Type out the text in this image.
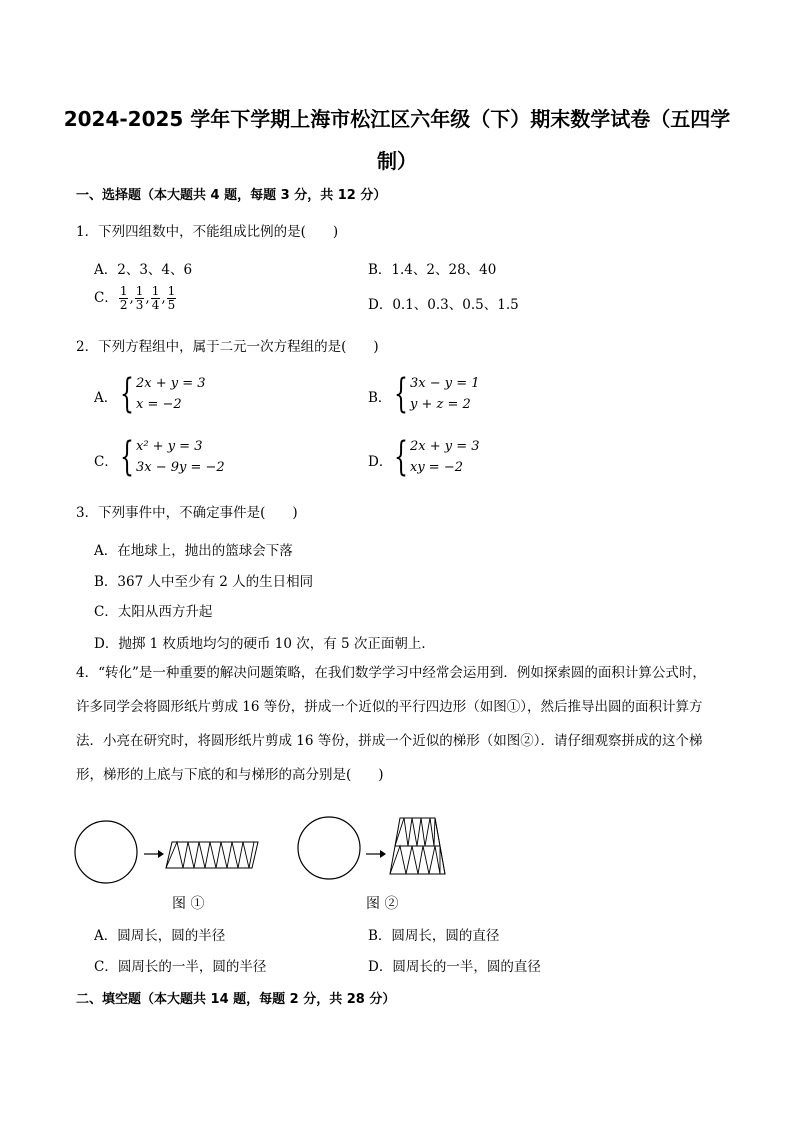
2024-2025 学年下学期上海市松江区六年级（下）期末数学试卷（五四学
制）
一、选择题（本大题共 4 题，每题 3 分，共 12 分）
1．下列四组数中，不能组成比例的是(　　)
A．2、3、4、6	B．1.4、2、28、40
C． $\frac{1}{2}$ , $\frac{1}{3}$ , $\frac{1}{4}$ , $\frac{1}{5}$	D．0.1、0.3、0.5、1.5
2．下列方程组中，属于二元一次方程组的是(　　)
A． { 2x + y = 3
x = −2	B． { 3x − y = 1
y + z = 2
C． { x² + y = 3
3x − 9y = −2	D． { 2x + y = 3
xy = −2
3．下列事件中，不确定事件是(　　)
A．在地球上，抛出的篮球会下落
B．367 人中至少有 2 人的生日相同
C．太阳从西方升起
D．抛掷 1 枚质地均匀的硬币 10 次，有 5 次正面朝上．
4．“转化”是一种重要的解决问题策略，在我们数学学习中经常会运用到．例如探索圆的面积计算公式时，
许多同学会将圆形纸片剪成 16 等份，拼成一个近似的平行四边形（如图①），然后推导出圆的面积计算方
法．小亮在研究时，将圆形纸片剪成 16 等份，拼成一个近似的梯形（如图②）．请仔细观察拼成的这个梯
形，梯形的上底与下底的和与梯形的高分别是(　　)
图 ①	图 ②
A．圆周长，圆的半径	B．圆周长，圆的直径
C．圆周长的一半，圆的半径	D．圆周长的一半，圆的直径
二、填空题（本大题共 14 题，每题 2 分，共 28 分）
